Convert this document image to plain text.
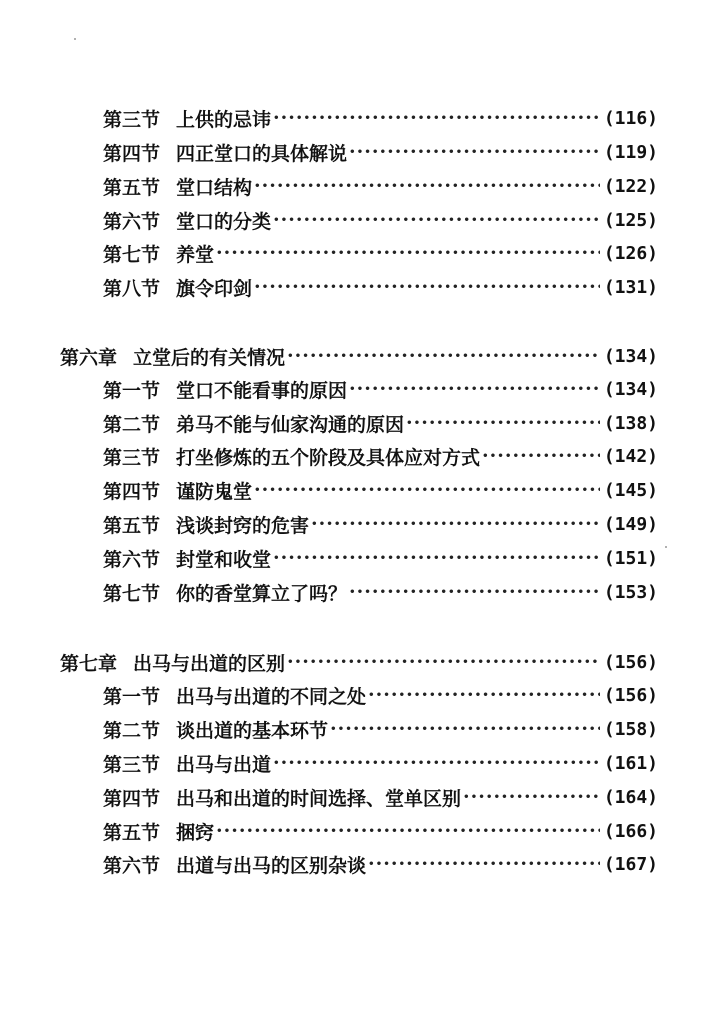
第三节 上供的忌讳 ·····	(116)
第四节 四正堂口的具体解说 ·····	(119)
第五节 堂口结构 ·····	(122)
第六节 堂口的分类 ·····	(125)
第七节 养堂 ·····	(126)
第八节 旗令印剑 ·····	(131)
第六章 立堂后的有关情况 ·····	(134)
第一节 堂口不能看事的原因 ·····	(134)
第二节 弟马不能与仙家沟通的原因 ·····	(138)
第三节 打坐修炼的五个阶段及具体应对方式 ·····	(142)
第四节 谨防鬼堂 ·····	(145)
第五节 浅谈封窍的危害 ·····	(149)
第六节 封堂和收堂 ·····	(151)
第七节 你的香堂算立了吗？ ·····	(153)
第七章 出马与出道的区别 ·····	(156)
第一节 出马与出道的不同之处 ·····	(156)
第二节 谈出道的基本环节 ·····	(158)
第三节 出马与出道 ·····	(161)
第四节 出马和出道的时间选择、堂单区别 ·····	(164)
第五节 捆窍 ·····	(166)
第六节 出道与出马的区别杂谈 ·····	(167)
